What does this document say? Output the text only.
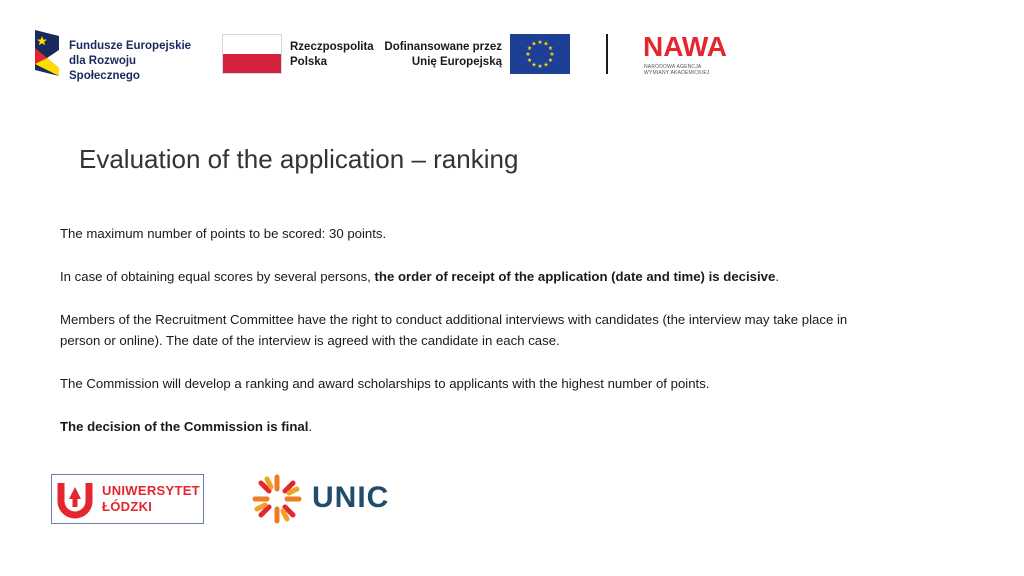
Fundusze Europejskie
dla Rozwoju Społecznego
Rzeczpospolita
Polska
Dofinansowane przez
Unię Europejską
★ ★
★
★
★
★
★
★
★
★
★
★	NAWA
NARODOWA AGENCJA
WYMIANY AKADEMICKIEJ
Evaluation of the application – ranking
The maximum number of points to be scored: 30 points.
In case of obtaining equal scores by several persons, the order of receipt of the application (date and time) is decisive.
Members of the Recruitment Committee have the right to conduct additional interviews with candidates (the interview may take place in person or online). The date of the interview is agreed with the candidate in each case.
The Commission will develop a ranking and award scholarships to applicants with the highest number of points.
The decision of the Commission is final.
UNIWERSYTET
ŁÓDZKI	UNIC
